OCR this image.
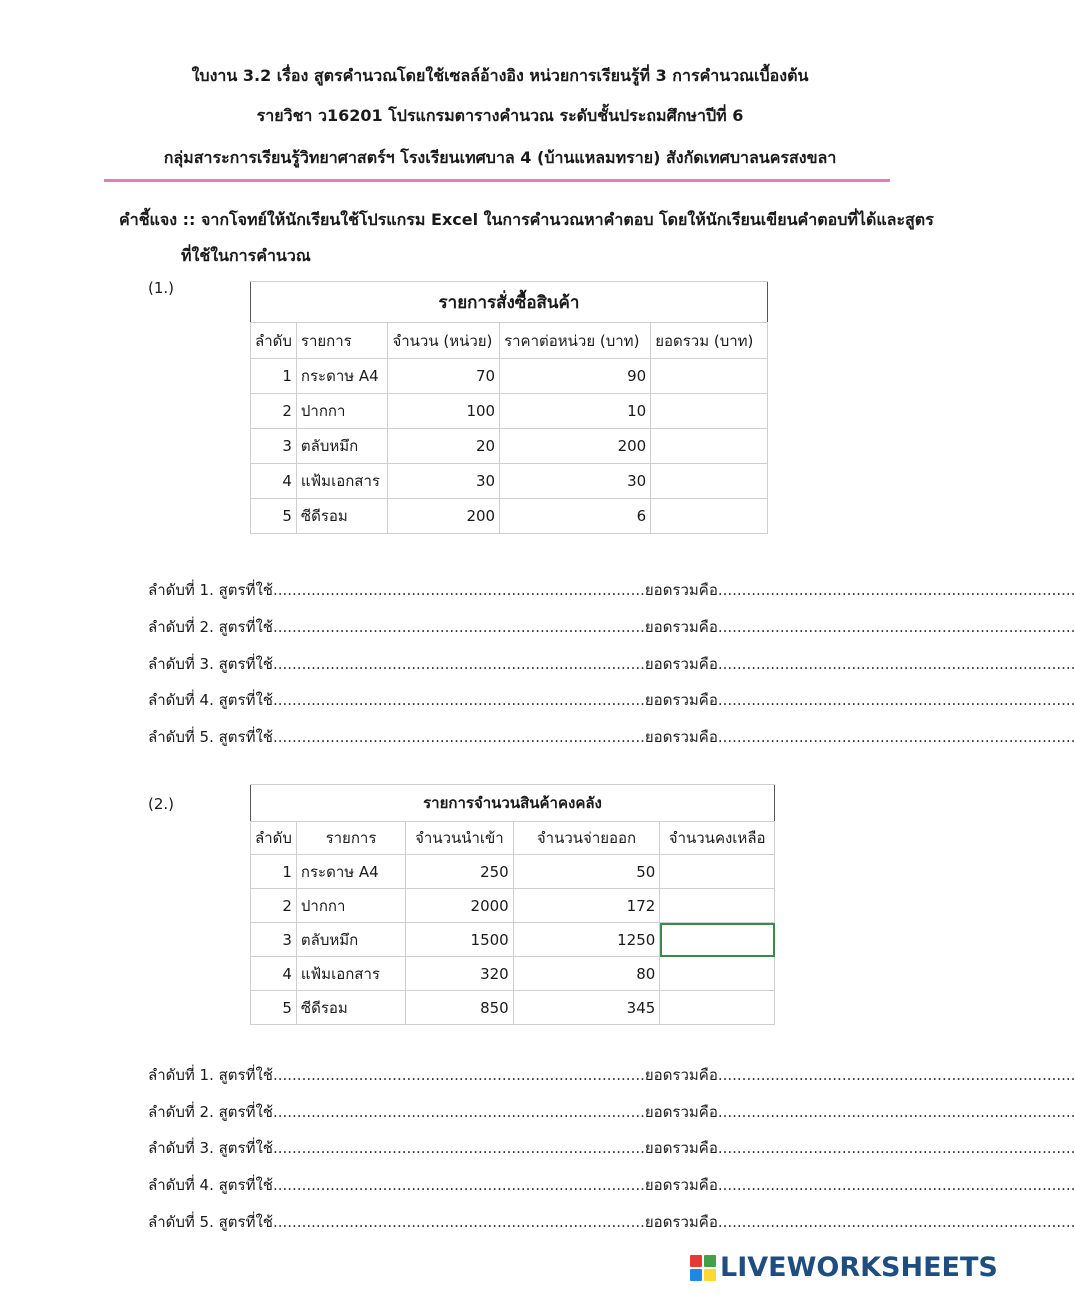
ใบงาน 3.2 เรื่อง สูตรคำนวณโดยใช้เซลล์อ้างอิง หน่วยการเรียนรู้ที่ 3 การคำนวณเบื้องต้น
รายวิชา ว16201 โปรแกรมตารางคำนวณ ระดับชั้นประถมศึกษาปีที่ 6
กลุ่มสาระการเรียนรู้วิทยาศาสตร์ฯ โรงเรียนเทศบาล 4 (บ้านแหลมทราย) สังกัดเทศบาลนครสงขลา
คำชี้แจง :: จากโจทย์ให้นักเรียนใช้โปรแกรม Excel ในการคำนวณหาคำตอบ โดยให้นักเรียนเขียนคำตอบที่ได้และสูตร
ที่ใช้ในการคำนวณ
(1.)
รายการสั่งซื้อสินค้า				
ลำดับ	รายการ	จำนวน (หน่วย)	ราคาต่อหน่วย (บาท)	ยอดรวม (บาท)
1	กระดาษ A4	70	90	
2	ปากกา	100	10	
3	ตลับหมึก	20	200	
4	แฟ้มเอกสาร	30	30	
5	ซีดีรอม	200	6	
ลำดับที่ 1. สูตรที่ใช้..............................................................................ยอดรวมคือ...........................................................................
ลำดับที่ 2. สูตรที่ใช้..............................................................................ยอดรวมคือ...........................................................................
ลำดับที่ 3. สูตรที่ใช้..............................................................................ยอดรวมคือ...........................................................................
ลำดับที่ 4. สูตรที่ใช้..............................................................................ยอดรวมคือ...........................................................................
ลำดับที่ 5. สูตรที่ใช้..............................................................................ยอดรวมคือ...........................................................................
(2.)	รายการจำนวนสินค้าคงคลัง				
ลำดับ	รายการ	จำนวนนำเข้า	จำนวนจ่ายออก	จำนวนคงเหลือ
1	กระดาษ A4	250	50	
2	ปากกา	2000	172	
3	ตลับหมึก	1500	1250	
4	แฟ้มเอกสาร	320	80	
5	ซีดีรอม	850	345	
ลำดับที่ 1. สูตรที่ใช้..............................................................................ยอดรวมคือ...........................................................................
ลำดับที่ 2. สูตรที่ใช้..............................................................................ยอดรวมคือ...........................................................................
ลำดับที่ 3. สูตรที่ใช้..............................................................................ยอดรวมคือ...........................................................................
ลำดับที่ 4. สูตรที่ใช้..............................................................................ยอดรวมคือ...........................................................................
ลำดับที่ 5. สูตรที่ใช้..............................................................................ยอดรวมคือ...........................................................................
LIVEWORKSHEETS
